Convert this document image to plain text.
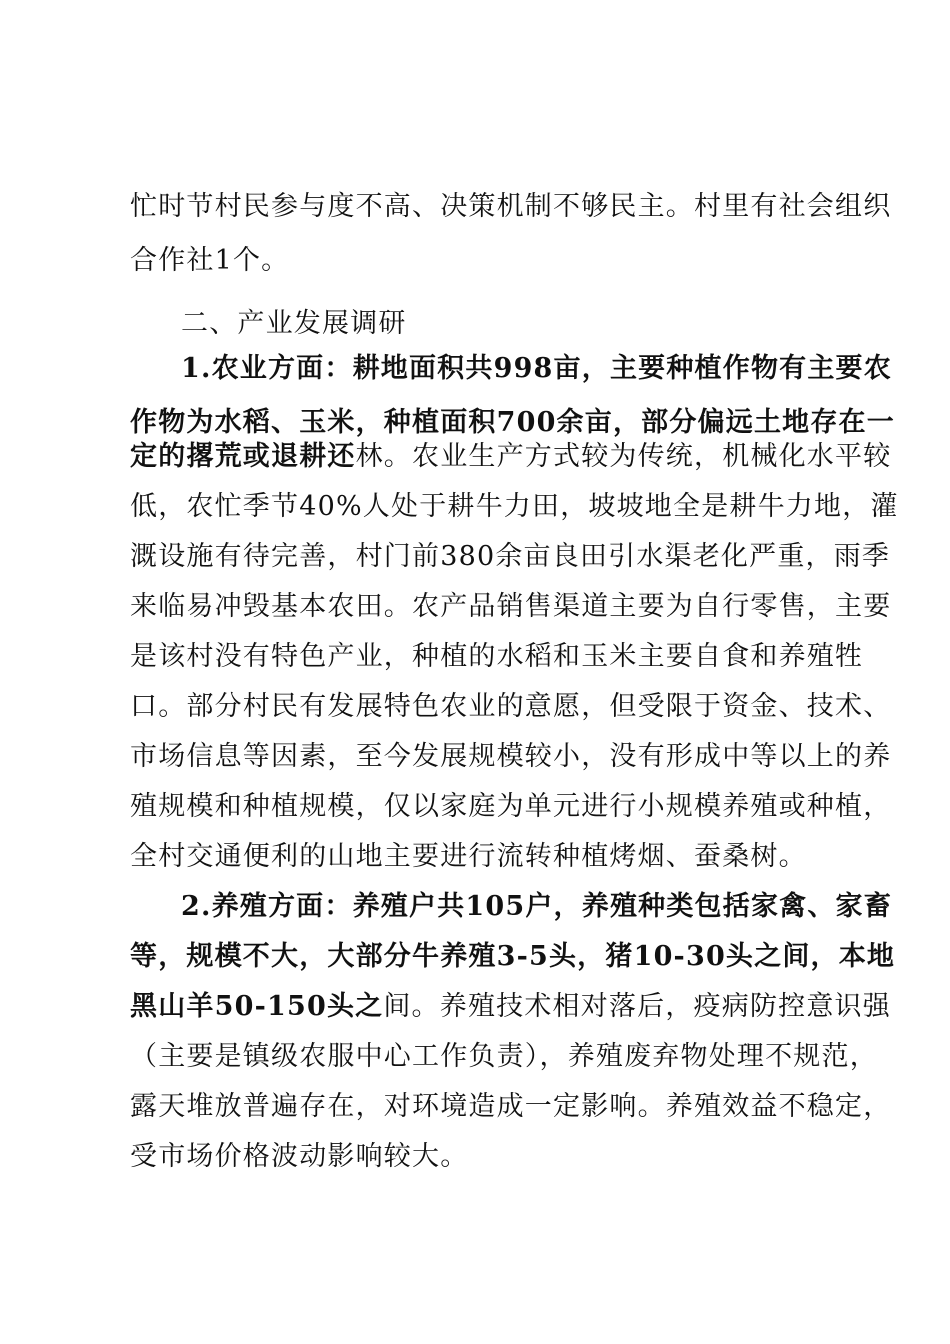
忙时节村民参与度不高、决策机制不够民主。村里有社会组织
合作社1个。
二、产业发展调研
1.农业方面：耕地面积共998亩，主要种植作物有主要农
作物为水稻、玉米，种植面积700余亩，部分偏远土地存在一
定的撂荒或退耕还林。农业生产方式较为传统，机械化水平较
低，农忙季节40%人处于耕牛力田，坡坡地全是耕牛力地，灌
溉设施有待完善，村门前380余亩良田引水渠老化严重，雨季
来临易冲毁基本农田。农产品销售渠道主要为自行零售，主要
是该村没有特色产业，种植的水稻和玉米主要自食和养殖牲
口。部分村民有发展特色农业的意愿，但受限于资金、技术、
市场信息等因素，至今发展规模较小，没有形成中等以上的养
殖规模和种植规模，仅以家庭为单元进行小规模养殖或种植，
全村交通便利的山地主要进行流转种植烤烟、蚕桑树。
2.养殖方面：养殖户共105户，养殖种类包括家禽、家畜
等，规模不大，大部分牛养殖3-5头，猪10-30头之间，本地
黑山羊50-150头之间。养殖技术相对落后，疫病防控意识强
（主要是镇级农服中心工作负责），养殖废弃物处理不规范，
露天堆放普遍存在，对环境造成一定影响。养殖效益不稳定，
受市场价格波动影响较大。
